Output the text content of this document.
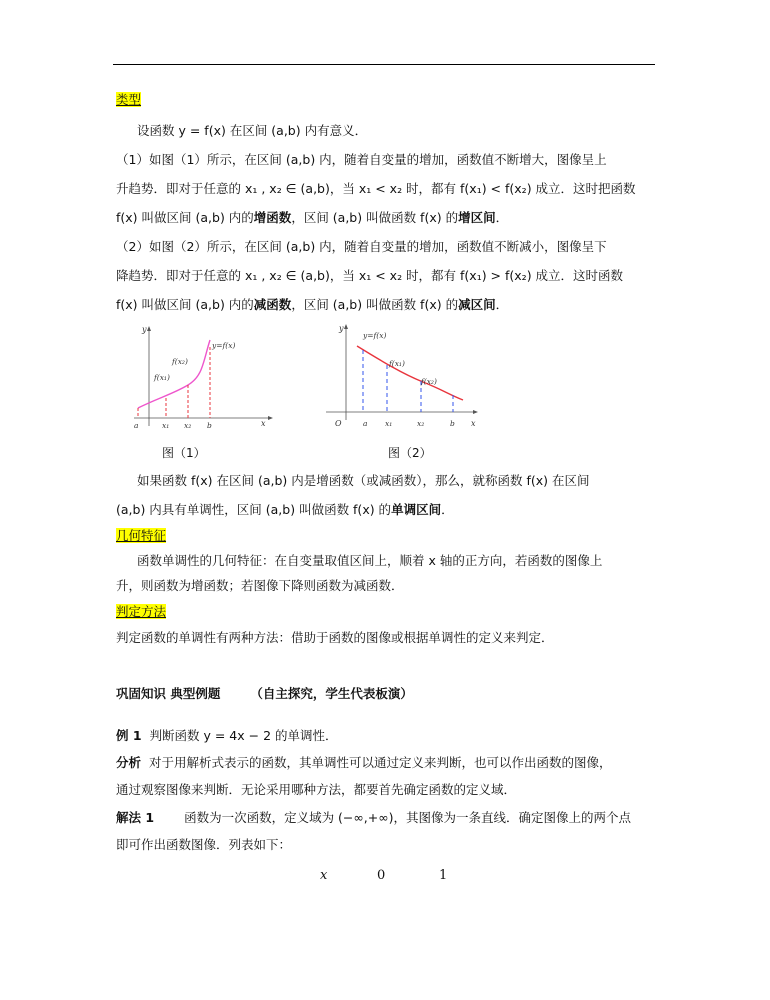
类型
设函数 y = f(x) 在区间 (a,b) 内有意义．
（1）如图（1）所示，在区间 (a,b) 内，随着自变量的增加，函数值不断增大，图像呈上
升趋势．即对于任意的 x₁ , x₂ ∈ (a,b)，当 x₁ < x₂ 时，都有 f(x₁) < f(x₂) 成立．这时把函数
f(x) 叫做区间 (a,b) 内的增函数，区间 (a,b) 叫做函数 f(x) 的增区间．
（2）如图（2）所示，在区间 (a,b) 内，随着自变量的增加，函数值不断减小，图像呈下
降趋势．即对于任意的 x₁ , x₂ ∈ (a,b)，当 x₁ < x₂ 时，都有 f(x₁) > f(x₂) 成立．这时函数
f(x) 叫做区间 (a,b) 内的减函数，区间 (a,b) 叫做函数 f(x) 的减区间．
y
x
y=f(x)
f(x₂)
f(x₁)
a	x₁ x₂ b
图（1）
y
x
O
y=f(x)
f(x₁)
f(x₂)
a x₁	x₂	b
图（2）
如果函数 f(x) 在区间 (a,b) 内是增函数（或减函数），那么，就称函数 f(x) 在区间
(a,b) 内具有单调性，区间 (a,b) 叫做函数 f(x) 的单调区间．
几何特征
函数单调性的几何特征：在自变量取值区间上，顺着 x 轴的正方向，若函数的图像上
升，则函数为增函数；若图像下降则函数为减函数．
判定方法
判定函数的单调性有两种方法：借助于函数的图像或根据单调性的定义来判定．
巩固知识 典型例题 （自主探究，学生代表板演）
例 1 判断函数 y = 4x − 2 的单调性．
分析 对于用解析式表示的函数，其单调性可以通过定义来判断，也可以作出函数的图像，
通过观察图像来判断．无论采用哪种方法，都要首先确定函数的定义域．
解法 1 函数为一次函数，定义域为 (−∞,+∞)，其图像为一条直线．确定图像上的两个点
即可作出函数图像．列表如下：
x	0	1
